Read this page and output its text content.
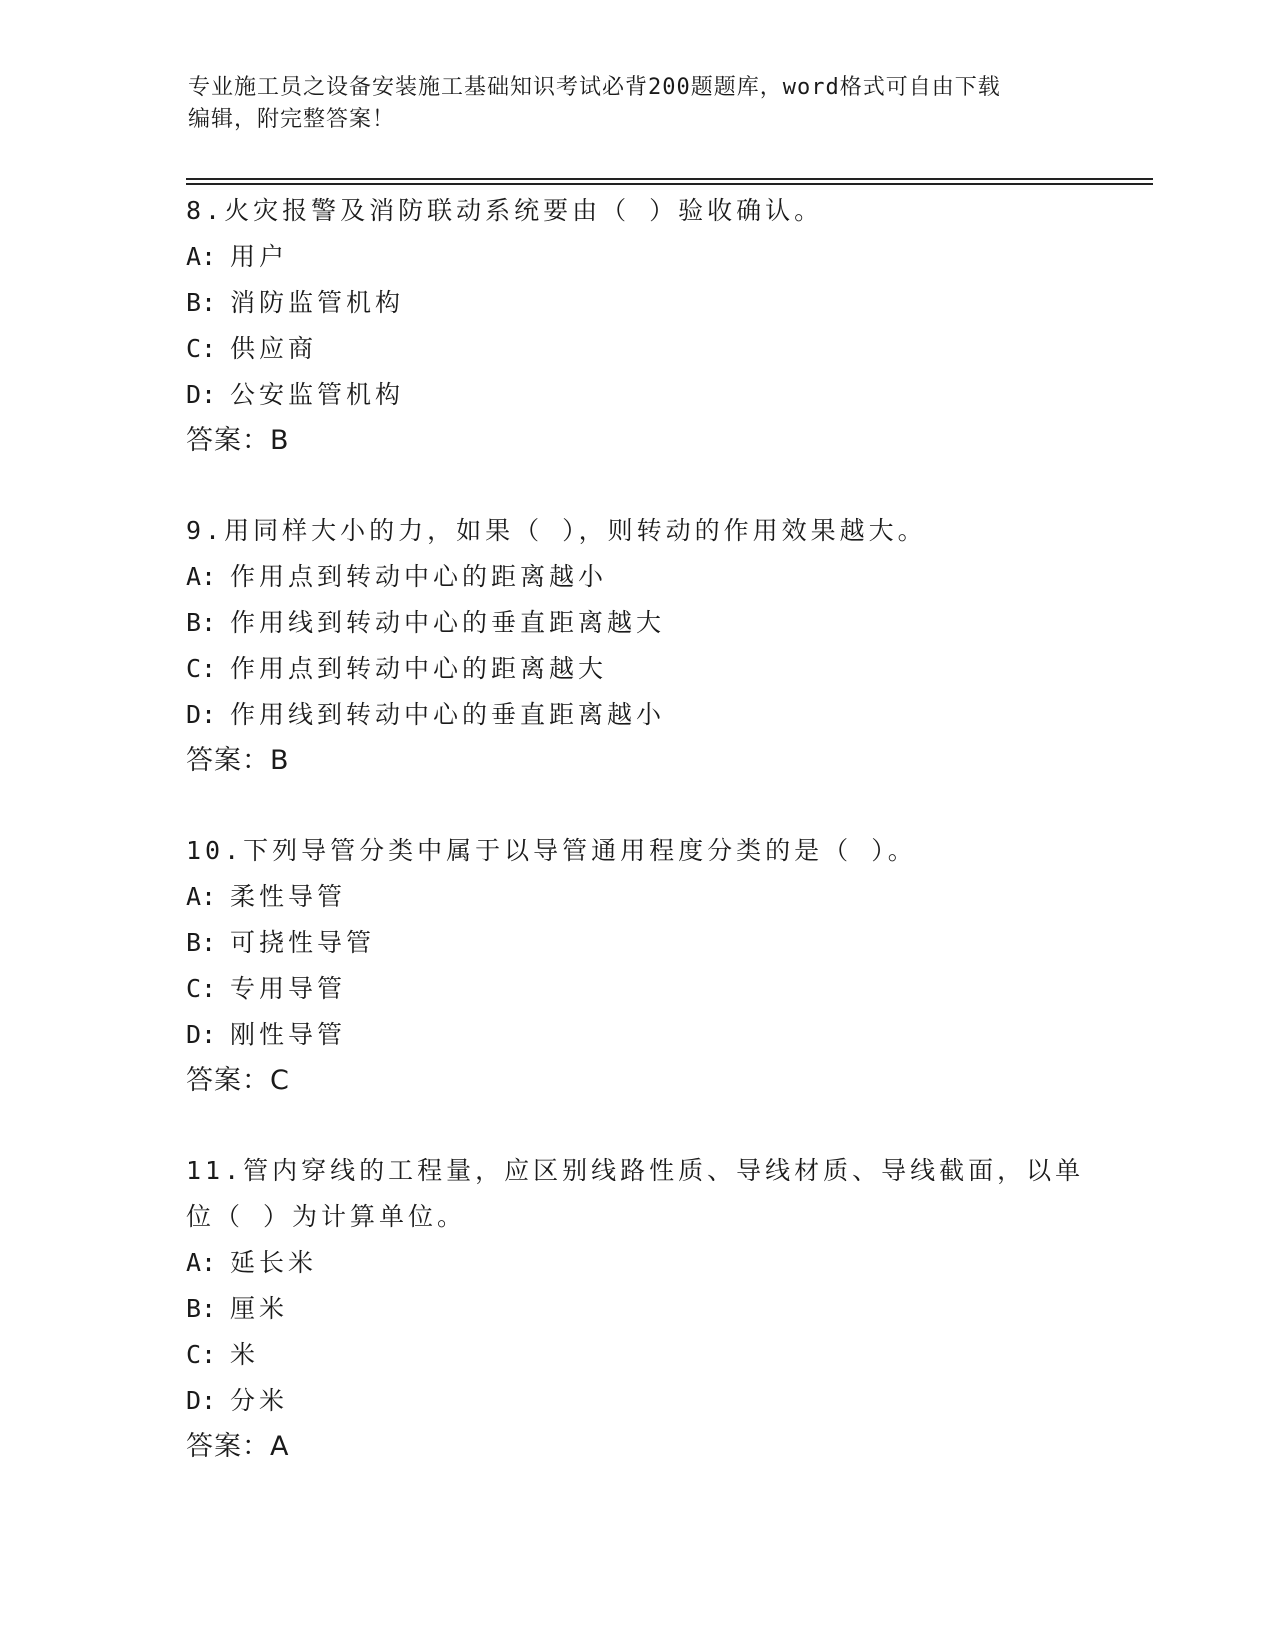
专业施工员之设备安装施工基础知识考试必背200题题库，word格式可自由下载
编辑，附完整答案！

8.火灾报警及消防联动系统要由（ ）验收确认。

A: 用户

B: 消防监管机构

C: 供应商

D: 公安监管机构

答案：B

9.用同样大小的力，如果（ ），则转动的作用效果越大。

A: 作用点到转动中心的距离越小

B: 作用线到转动中心的垂直距离越大

C: 作用点到转动中心的距离越大

D: 作用线到转动中心的垂直距离越小

答案：B

10.下列导管分类中属于以导管通用程度分类的是（ ）。

A: 柔性导管

B: 可挠性导管

C: 专用导管

D: 刚性导管

答案：C

11.管内穿线的工程量，应区别线路性质、导线材质、导线截面，以单位（ ）为计算单位。

A: 延长米

B: 厘米

C: 米

D: 分米

答案：A
